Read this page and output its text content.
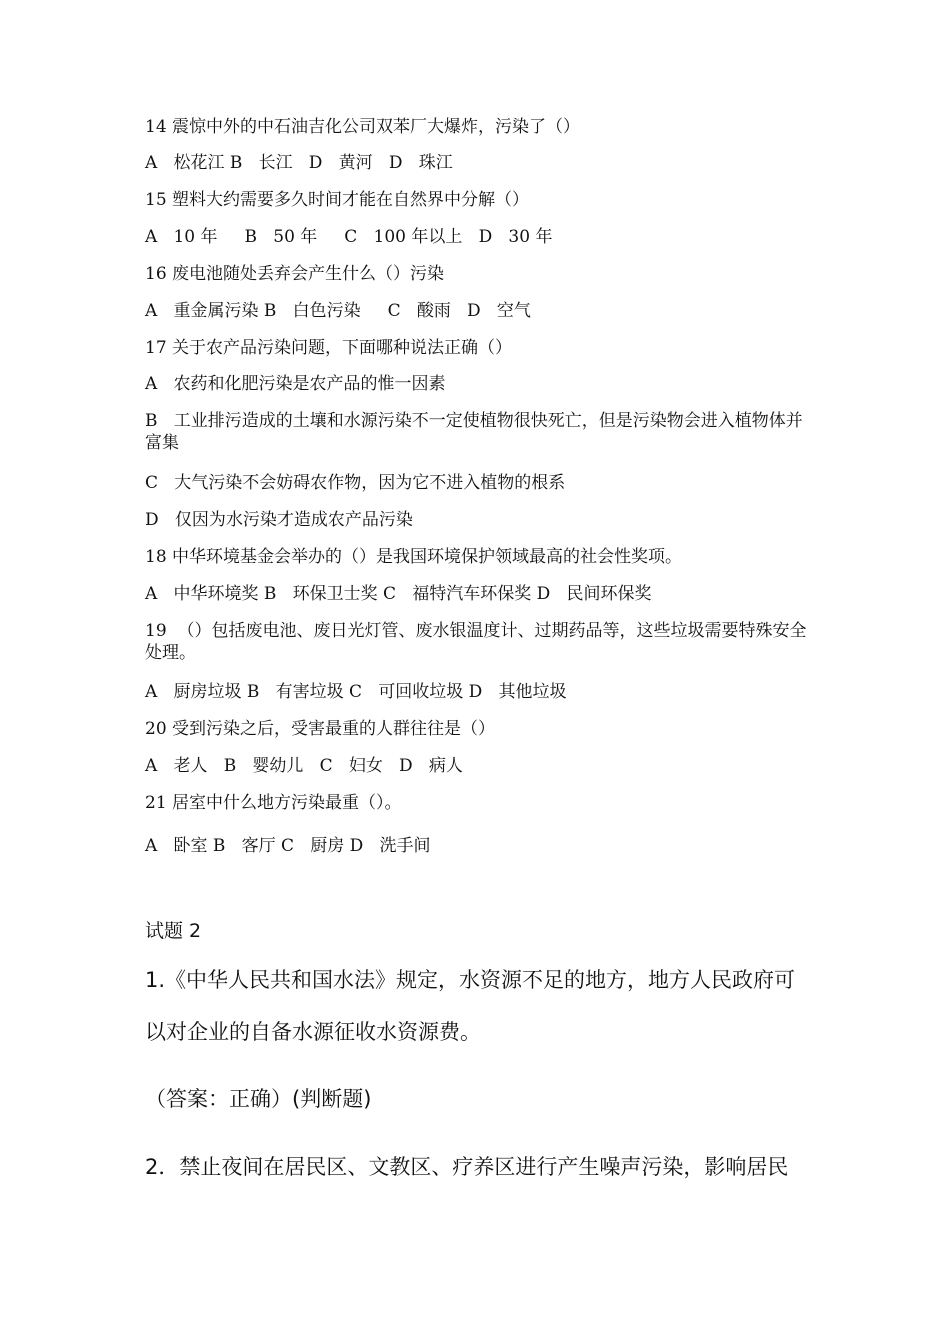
14 震惊中外的中石油吉化公司双苯厂大爆炸，污染了（）

A   松花江 B   长江   D   黄河   D   珠江

15 塑料大约需要多久时间才能在自然界中分解（）

A   10 年     B   50 年     C   100 年以上   D   30 年

16 废电池随处丢弃会产生什么（）污染

A   重金属污染 B   白色污染     C   酸雨   D   空气

17 关于农产品污染问题，下面哪种说法正确（）

A   农药和化肥污染是农产品的惟一因素

B   工业排污造成的土壤和水源污染不一定使植物很快死亡，但是污染物会进入植物体并富集

C   大气污染不会妨碍农作物，因为它不进入植物的根系

D   仅因为水污染才造成农产品污染

18 中华环境基金会举办的（）是我国环境保护领域最高的社会性奖项。

A   中华环境奖 B   环保卫士奖 C   福特汽车环保奖 D   民间环保奖

19  （）包括废电池、废日光灯管、废水银温度计、过期药品等，这些垃圾需要特殊安全处理。

A   厨房垃圾 B   有害垃圾 C   可回收垃圾 D   其他垃圾

20 受到污染之后，受害最重的人群往往是（）

A   老人   B   婴幼儿   C   妇女   D   病人

21 居室中什么地方污染最重（）。

A   卧室 B   客厅 C   厨房 D   洗手间

试题 2

1.《中华人民共和国水法》规定，水资源不足的地方，地方人民政府可

以对企业的自备水源征收水资源费。

（答案：正确）(判断题)

2．禁止夜间在居民区、文教区、疗养区进行产生噪声污染，影响居民
